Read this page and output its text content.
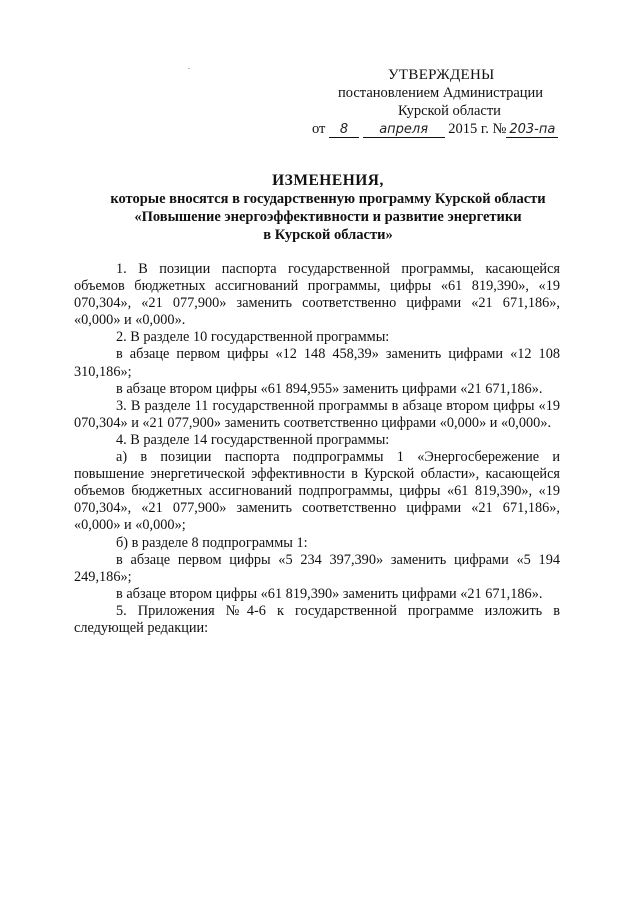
УТВЕРЖДЕНЫ
постановлением Администрации
Курской области
от 8 апреля 2015 г. № 203-па
ИЗМЕНЕНИЯ,
которые вносятся в государственную программу Курской области
«Повышение энергоэффективности и развитие энергетики
в Курской области»

1. В позиции паспорта государственной программы, касающейся объемов бюджетных ассигнований программы, цифры «61 819,390», «19 070,304», «21 077,900» заменить соответственно цифрами «21 671,186», «0,000» и «0,000».

2. В разделе 10 государственной программы:

в абзаце первом цифры «12 148 458,39» заменить цифрами «12 108 310,186»;

в абзаце втором цифры «61 894,955» заменить цифрами «21 671,186».

3. В разделе 11 государственной программы в абзаце втором цифры «19 070,304» и «21 077,900» заменить соответственно цифрами «0,000» и «0,000».

4. В разделе 14 государственной программы:

а) в позиции паспорта подпрограммы 1 «Энергосбережение и повышение энергетической эффективности в Курской области», касающейся объемов бюджетных ассигнований подпрограммы, цифры «61 819,390», «19 070,304», «21 077,900» заменить соответственно цифрами «21 671,186», «0,000» и «0,000»;

б) в разделе 8 подпрограммы 1:

в абзаце первом цифры «5 234 397,390» заменить цифрами «5 194 249,186»;

в абзаце втором цифры «61 819,390» заменить цифрами «21 671,186».

5. Приложения №4-6 к государственной программе изложить в следующей редакции:
